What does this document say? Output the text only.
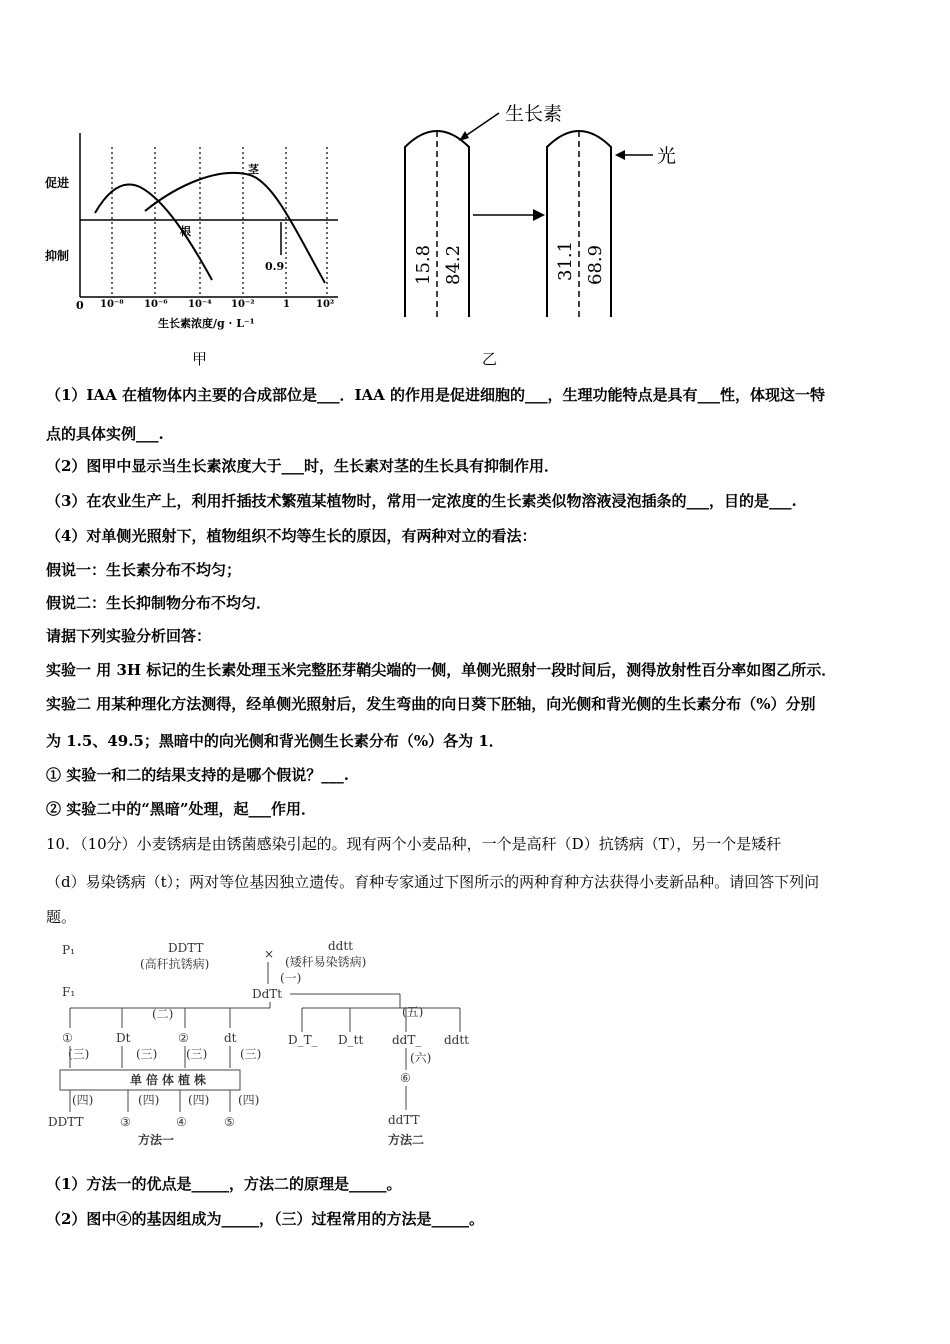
促进
抑制
0 10⁻⁸ 10⁻⁶ 10⁻⁴ 10⁻²	1	10²
茎
根
0.9
生长素浓度/g · L⁻¹
甲
生长素
光
15.8 84.2	31.1 68.9
乙
（1）IAA 在植物体内主要的合成部位是___．IAA 的作用是促进细胞的___，生理功能特点是具有___性，体现这一特
点的具体实例___.
（2）图甲中显示当生长素浓度大于___时，生长素对茎的生长具有抑制作用．
（3）在农业生产上，利用扦插技术繁殖某植物时，常用一定浓度的生长素类似物溶液浸泡插条的___，目的是___.
（4）对单侧光照射下，植物组织不均等生长的原因，有两种对立的看法：
假说一：生长素分布不均匀；
假说二：生长抑制物分布不均匀．
请据下列实验分析回答：
实验一 用 3H 标记的生长素处理玉米完整胚芽鞘尖端的一侧，单侧光照射一段时间后，测得放射性百分率如图乙所示．
实验二 用某种理化方法测得，经单侧光照射后，发生弯曲的向日葵下胚轴，向光侧和背光侧的生长素分布（%）分别
为 1.5、49.5；黑暗中的向光侧和背光侧生长素分布（%）各为 1．
① 实验一和二的结果支持的是哪个假说？___.
② 实验二中的“黑暗”处理，起___作用．
10．（10分）小麦锈病是由锈菌感染引起的。现有两个小麦品种，一个是高秆（D）抗锈病（T），另一个是矮秆
（d）易染锈病（t）；两对等位基因独立遗传。育种专家通过下图所示的两种育种方法获得小麦新品种。请回答下列问
题。
P₁
F₁
DDTT
(高秆抗锈病)
×
ddtt
(矮秆易染锈病)
(一)
DdTt
(二)	(五)
①	Dt	②	dt
(三)	(三) (三)	(三)
单倍体植株
(四)	(四) (四) (四)
DDTT	③	④	⑤
D_T_ D_tt ddT_ ddtt
(六)
⑥
ddTT
方法一	方法二
（1）方法一的优点是_____，方法二的原理是_____。
（2）图中④的基因组成为_____，（三）过程常用的方法是_____。
